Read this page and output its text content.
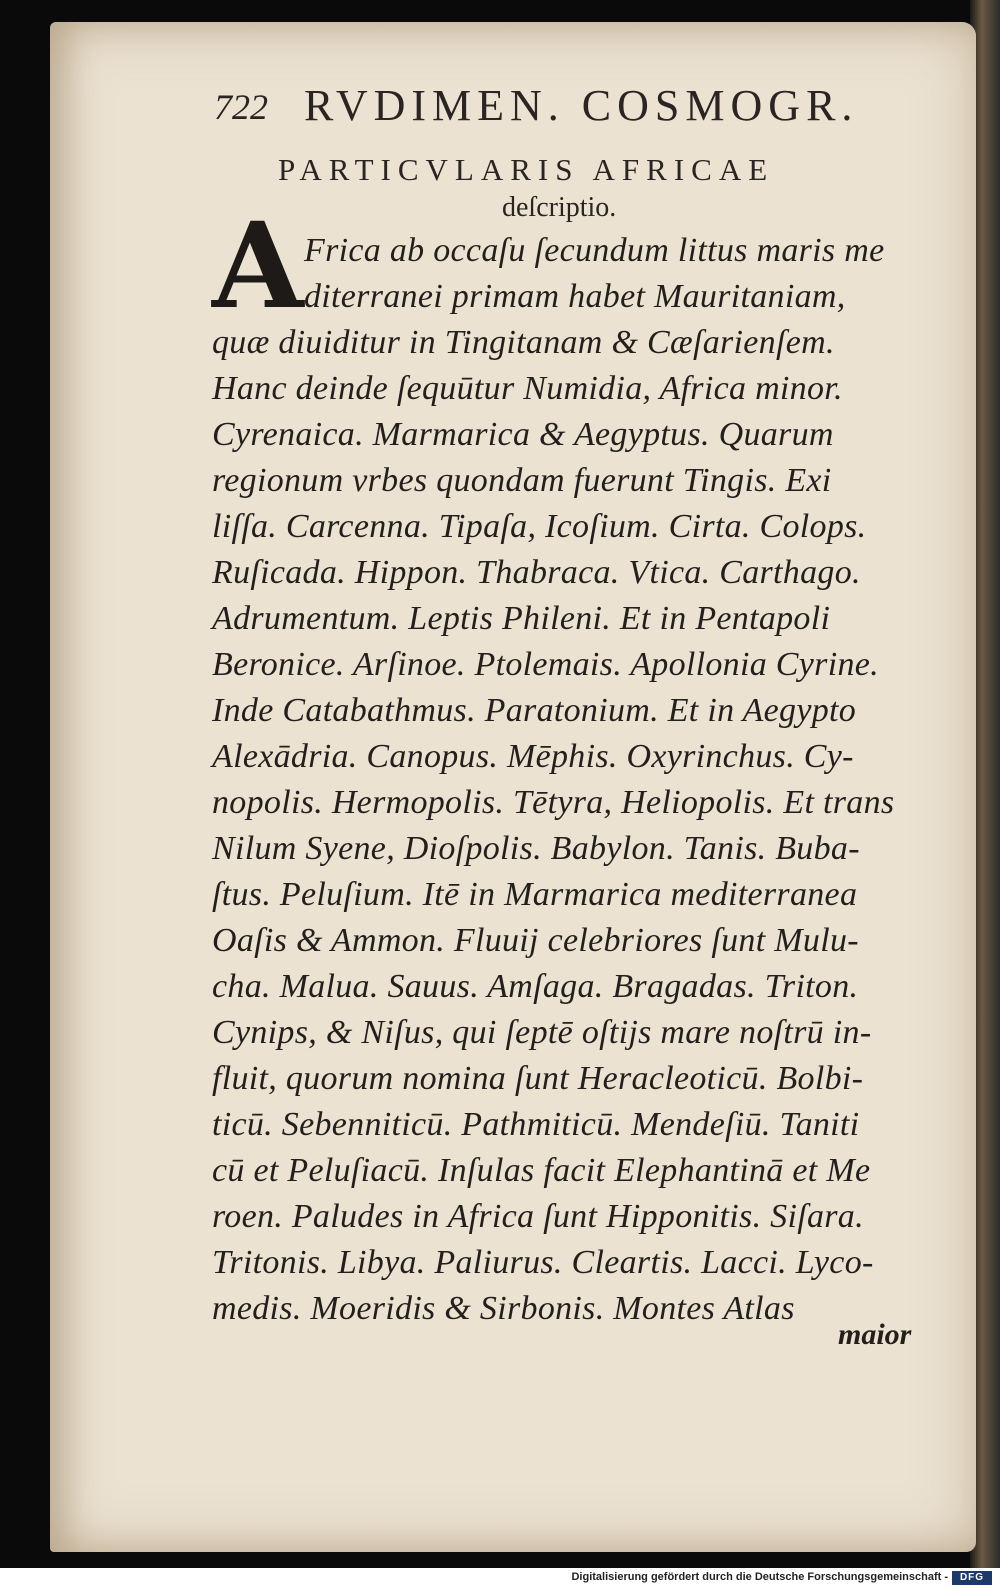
722 RVDIMEN. COSMOGR.
PARTICVLARIS AFRICAE
deſcriptio.
A Frica ab occaſu ſecundum littus maris me
diterranei primam habet Mauritaniam,
quæ diuiditur in Tingitanam & Cæſarienſem.
Hanc deinde ſequūtur Numidia, Africa minor.
Cyrenaica. Marmarica & Aegyptus. Quarum
regionum vrbes quondam fuerunt Tingis. Exi
liſſa. Carcenna. Tipaſa, Icoſium. Cirta. Colops.
Ruſicada. Hippon. Thabraca. Vtica. Carthago.
Adrumentum. Leptis Phileni. Et in Pentapoli
Beronice. Arſinoe. Ptolemais. Apollonia Cyrine.
Inde Catabathmus. Paratonium. Et in Aegypto
Alexādria. Canopus. Mēphis. Oxyrinchus. Cy-
nopolis. Hermopolis. Tētyra, Heliopolis. Et trans
Nilum Syene, Dioſpolis. Babylon. Tanis. Buba-
ſtus. Peluſium. Itē in Marmarica mediterranea
Oaſis & Ammon. Fluuij celebriores ſunt Mulu-
cha. Malua. Sauus. Amſaga. Bragadas. Triton.
Cynips, & Niſus, qui ſeptē oſtijs mare noſtrū in-
fluit, quorum nomina ſunt Heracleoticū. Bolbi-
ticū. Sebenniticū. Pathmiticū. Mendeſiū. Taniti
cū et Peluſiacū. Inſulas facit Elephantinā et Me
roen. Paludes in Africa ſunt Hipponitis. Siſara.
Tritonis. Libya. Paliurus. Cleartis. Lacci. Lyco-
medis. Moeridis & Sirbonis. Montes Atlas
maior
Digitalisierung gefördert durch die Deutsche Forschungsgemeinschaft -	DFG
